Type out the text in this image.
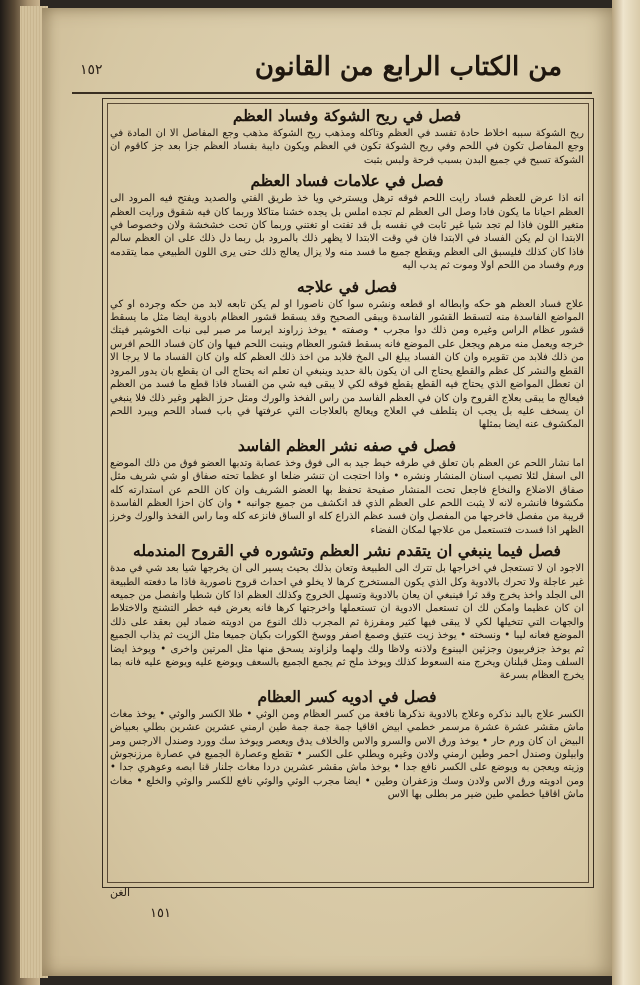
١٥٢	من الكتاب الرابع من القانون
فصل في ريح الشوكة وفساد العظم
ريح الشوكة سببه اخلاط حادة تفسد في العظم وتاكله ومذهب ريح الشوكة مذهب وجع المفاصل الا ان المادة في وجع المفاصل تكون في اللحم وفي ريح الشوكة تكون في العظم ويكون دايبة بفساد العظم جزا بعد جز كاقوم ان الشوكة تسيح في جميع البدن بسبب فرحة ولبس بثبت
فصل في علامات فساد العظم
انه اذا عرض للعظم فساد رايت اللحم فوقه ترهل ويسترخي ويا خذ طريق الفتي والصديد ويفتح فيه المرود الى العظم احيانا ما يكون فادا وصل الى العظم لم تجده املس بل يجده خشنا متاكلا وربما كان فيه شقوق ورايت العظم متغير اللون فاذا لم تجد شيا غير ثابت في نفسه بل قد تفتت او تغتني وربما كان تحت خشخشة ولان وخصوصا في الابتدا ان لم يكن الفساد في الابتدا فان في وقت الابتدا لا يظهر ذلك بالمرود بل ربما دل ذلك على ان العظم سالم فاذا كان كذلك فليسبق الى العظم ويقطع جميع ما فسد منه ولا يزال يعالج ذلك حتى يرى اللون الطبيعي مما يتقدمه ورم وفساد من اللحم اولا وموت ثم يدب اليه
فصل في علاجه
علاج فساد العظم هو حكه وابطاله او قطعه ونشره سوا كان ناصورا او لم يكن تابعه لابد من حكه وجرده او كي المواضع الفاسدة منه لتسقط القشور الفاسدة ويبقى الصحيح وقد يسقط قشور العظام بادوية ايضا مثل ما يسقط قشور عظام الراس وغيره ومن ذلك دوا مجرب • وصفته • يوخذ زراوند ايرسا مر صبر لبى نبات الخوشير فيتك خرجه ويعمل منه مرهم ويجعل على الموضع فانه يسقط قشور العظام وينبت اللحم فيها وان كان فساد اللحم افرس من ذلك فلابد من تقويره وان كان الفساد يبلغ الى المخ فلابد من اخذ ذلك العظم كله وان كان الفساد ما لا يرجا الا القطع والنشر كل عظم والقطع يحتاج الى ان يكون بالة حديد وينبغي ان تعلم انه يحتاج الى ان يقطع بان يدور المرود ان تعطل المواضع الذي يحتاج فيه القطع يقطع فوقه لكي لا يبقى فيه شي من الفساد فاذا قطع ما فسد من العظم فيعالج ما يبقى بعلاج القروح وان كان في العظم الفاسد من راس الفخذ والورك ومثل حرز الظهر وغير ذلك فلا ينبغي ان يسخف عليه بل يجب ان يتلطف في العلاج ويعالج بالعلاجات التي عرفتها في باب فساد اللحم ويبرد اللحم المكشوف عنه ايضا بمثلها
فصل في صفه نشر العظم الفاسد
اما نشار اللحم عن العظم بان تعلق في طرفه خيط جيد به الى فوق وخذ عصابة وتدبها العضو فوق من ذلك الموضع الى اسفل لئلا تصيب اسنان المنشار ونشره • واذا احتجت ان تنشر ضلعا او عظما تحته صفاق او شي شريف مثل صفاق الاضلاع والنخاع فاجعل تحت المنشار صفيحة تحفظ بها العضو الشريف وان كان اللحم عن استدارته كله مكشوفا فانشره لانه لا يثبت اللحم على العظم الذي قد انكشف من جميع جوانبه • وان كان احزا العظم الفاسدة قريبة من مفصل فاخرجها من المفصل وان فسد عظم الذراع كله او الساق فانزعه كله وما راس الفخذ والورك وخرز الظهر اذا فسدت فتستعمل من علاجها لمكان الفضاء
فصل فيما ينبغي ان يتقدم نشر العظم وتشوره في القروح المندمله
الاجود ان لا تستعجل في اخراجها بل تترك الى الطبيعة وتعان بذلك بحيث يسير الى ان يخرجها شيا بعد شي في مدة غير عاجلة ولا تحرك بالادوية وكل الذي يكون المستخرج كرها لا يخلو في احداث قروح ناصورية فاذا ما دفعته الطبيعة الى الجلد واخذ يخرج وقد ثرا فينبغي ان يعان بالادوية وتسهل الخروج وكذلك العظم اذا كان شطيا وانفصل من جميعه ان كان عظيما وامكن لك ان تستعمل الادوية ان تستعملها واخرجتها كرها فانه يعرض فيه خطر التشنج والاختلاط والجهات التي تتخيلها لكي لا يبقى فيها كثير ومفرزة ثم المجرب ذلك النوع من ادويته ضماد لين بعقد على ذلك الموضع فعانه ليبا • ونسخته • يوخذ زيت عتيق وصمغ اصفر ووسخ الكورات بكيان جميعا مثل الزيت ثم يذاب الجميع ثم يوخذ جزفربيون وجزثين اليبنوع ولاذنه ولاظا ولك ولهما ولزاوند يسحق منها مثل المرتين واخرى • ويوخذ ايضا السلف ومثل قبلنان ويخرج منه السعوط كذلك ويوخذ ملح ثم يجمع الجميع بالسعف ويوضع عليه ويوضع عليه فانه بما يخرج العظام بسرعة
فصل في ادويه كسر العظام
الكسر علاج بالبد نذكره وعلاج بالادوية نذكرها نافعة من كسر العظام ومن الوثي • طلا الكسر والوثي • يوخذ مغاث ماش مقشر عشرة عشرة مرسمر خطمي ابيض اقاقيا جمة جمة جمة طين ارمني عشرين عشرين بطلي بعبياض البيض ان كان ورم حار • يوخذ ورق الاس والسرو والاس والخلاف يدق ويعصر ويوخذ سك وورد وصندل الارجس ومر وابيلون وصندل احمر وطين ارمني ولادن وغيره ويطلي على الكسر • تقطع وعصارة الجميع في عصارة مرزنجوش وزيته ويعجن به ويوضع على الكسر نافع جدا • يوخذ ماش مقشر عشرين دردا مغاث جلنار قنا ابصه وعوهري جدا • ومن ادويته ورق الاس ولادن وسك وزعفران وطين • ايضا مجرب الوثي والوثي نافع للكسر والوثي والخلع • مغاث ماش اقاقيا خطمي طين ضير مر بطلى بها الاس
الغن
١٥١
